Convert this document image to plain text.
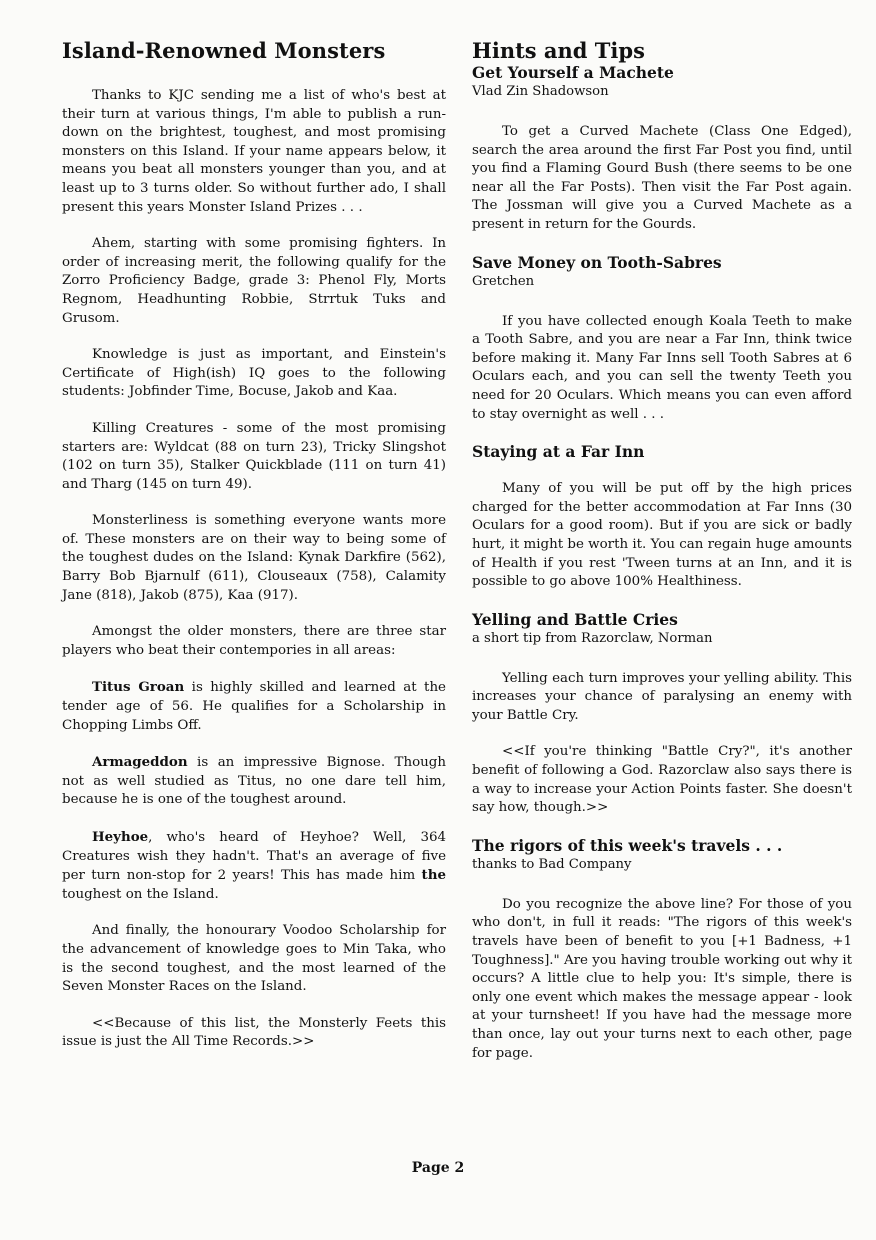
Island-Renowned Monsters

Thanks to KJC sending me a list of who's best at their turn at various things, I'm able to publish a run-down on the brightest, toughest, and most promising monsters on this Island. If your name appears below, it means you beat all monsters younger than you, and at least up to 3 turns older. So without further ado, I shall present this years Monster Island Prizes . . .

Ahem, starting with some promising fighters. In order of increasing merit, the following qualify for the Zorro Proficiency Badge, grade 3: Phenol Fly, Morts Regnom, Headhunting Robbie, Strrtuk Tuks and Grusom.

Knowledge is just as important, and Einstein's Certificate of High(ish) IQ goes to the following students: Jobfinder Time, Bocuse, Jakob and Kaa.

Killing Creatures - some of the most promising starters are: Wyldcat (88 on turn 23), Tricky Slingshot (102 on turn 35), Stalker Quickblade (111 on turn 41) and Tharg (145 on turn 49).

Monsterliness is something everyone wants more of. These monsters are on their way to being some of the toughest dudes on the Island: Kynak Darkfire (562), Barry Bob Bjarnulf (611), Clouseaux (758), Calamity Jane (818), Jakob (875), Kaa (917).

Amongst the older monsters, there are three star players who beat their contempories in all areas:

Titus Groan is highly skilled and learned at the tender age of 56. He qualifies for a Scholarship in Chopping Limbs Off.

Armageddon is an impressive Bignose. Though not as well studied as Titus, no one dare tell him, because he is one of the toughest around.

Heyhoe, who's heard of Heyhoe? Well, 364 Creatures wish they hadn't. That's an average of five per turn non-stop for 2 years! This has made him the toughest on the Island.

And finally, the honourary Voodoo Scholarship for the advancement of knowledge goes to Min Taka, who is the second toughest, and the most learned of the Seven Monster Races on the Island.

<<Because of this list, the Monsterly Feets this issue is just the All Time Records.>>

Hints and Tips
Get Yourself a Machete
Vlad Zin Shadowson

To get a Curved Machete (Class One Edged), search the area around the first Far Post you find, until you find a Flaming Gourd Bush (there seems to be one near all the Far Posts). Then visit the Far Post again. The Jossman will give you a Curved Machete as a present in return for the Gourds.

Save Money on Tooth-Sabres
Gretchen

If you have collected enough Koala Teeth to make a Tooth Sabre, and you are near a Far Inn, think twice before making it. Many Far Inns sell Tooth Sabres at 6 Oculars each, and you can sell the twenty Teeth you need for 20 Oculars. Which means you can even afford to stay overnight as well . . .

Staying at a Far Inn

Many of you will be put off by the high prices charged for the better accommodation at Far Inns (30 Oculars for a good room). But if you are sick or badly hurt, it might be worth it. You can regain huge amounts of Health if you rest 'Tween turns at an Inn, and it is possible to go above 100% Healthiness.

Yelling and Battle Cries
a short tip from Razorclaw, Norman

Yelling each turn improves your yelling ability. This increases your chance of paralysing an enemy with your Battle Cry.

<<If you're thinking "Battle Cry?", it's another benefit of following a God. Razorclaw also says there is a way to increase your Action Points faster. She doesn't say how, though.>>

The rigors of this week's travels . . .
thanks to Bad Company

Do you recognize the above line? For those of you who don't, in full it reads: "The rigors of this week's travels have been of benefit to you [+1 Badness, +1 Toughness]." Are you having trouble working out why it occurs? A little clue to help you: It's simple, there is only one event which makes the message appear - look at your turnsheet! If you have had the message more than once, lay out your turns next to each other, page for page.

Page 2
